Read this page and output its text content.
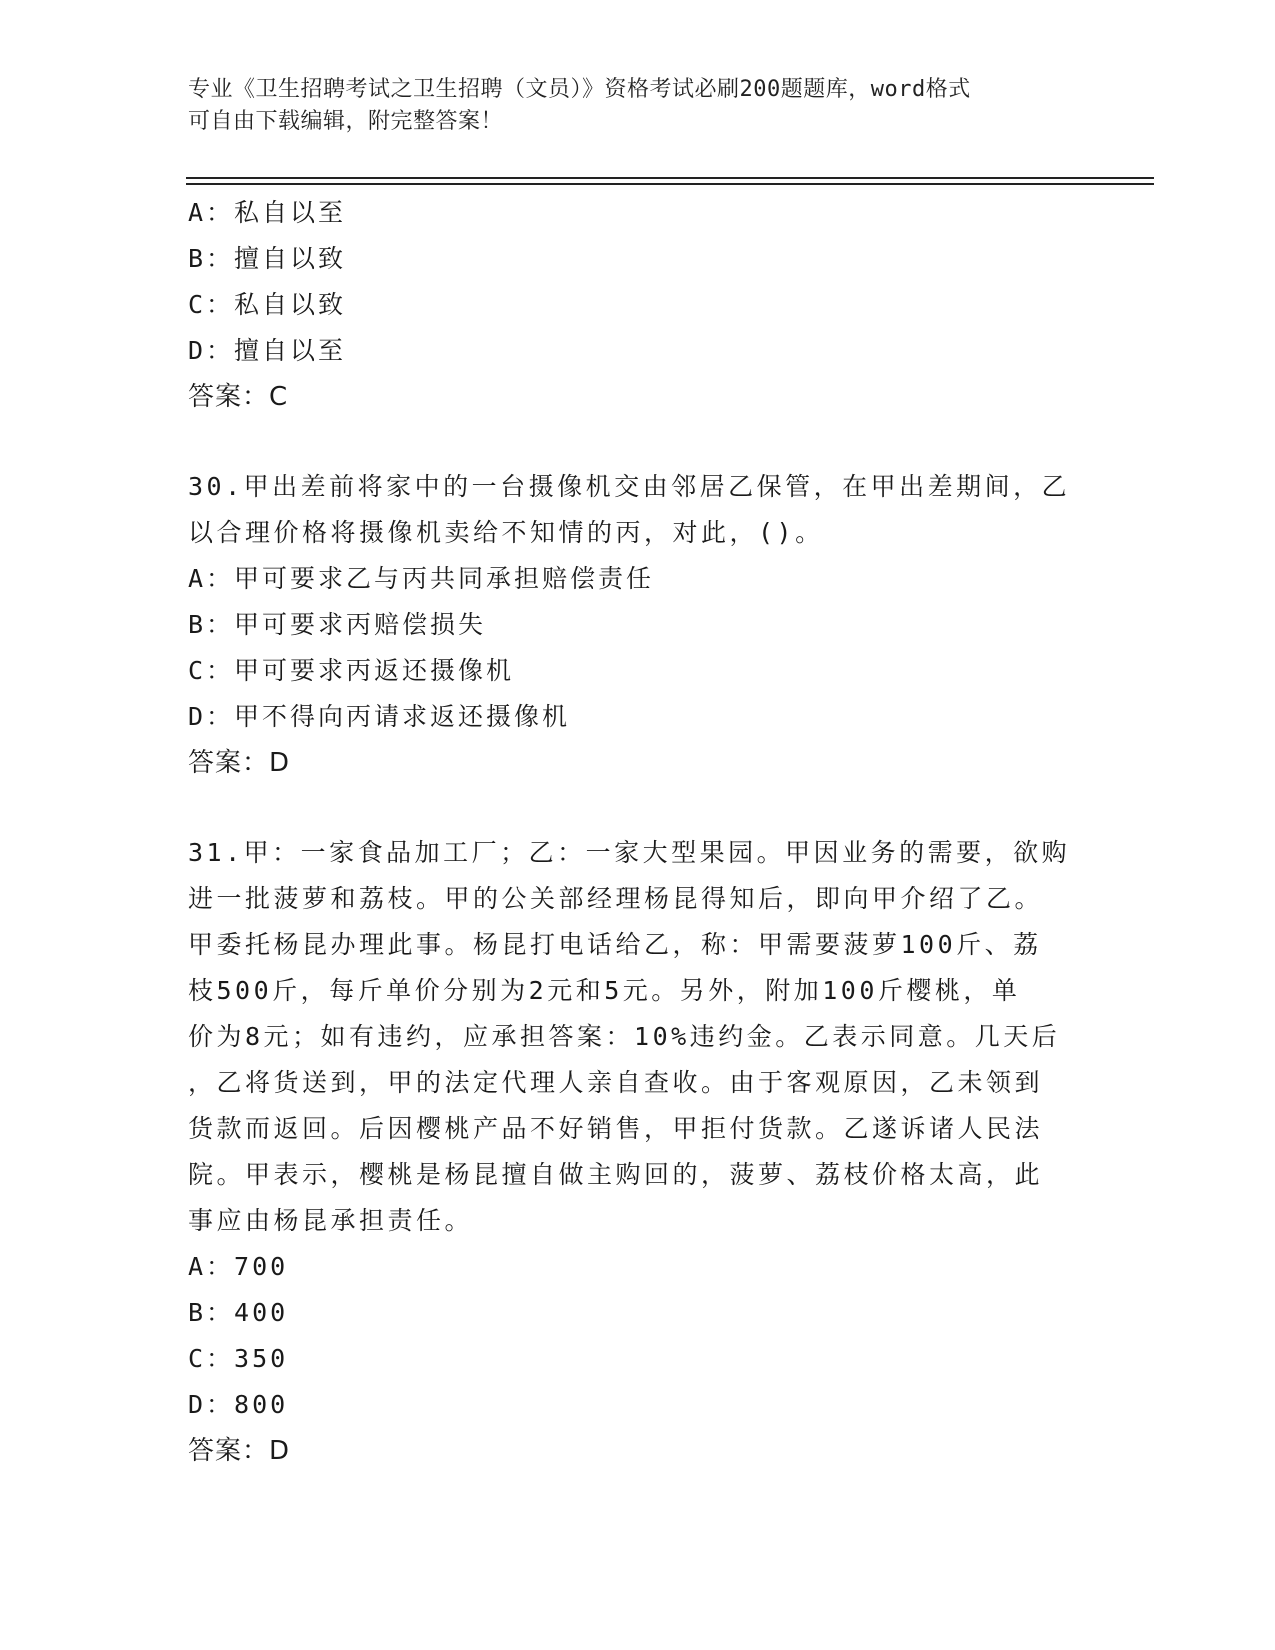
专业《卫生招聘考试之卫生招聘（文员）》资格考试必刷200题题库，word格式
可自由下载编辑，附完整答案！
A：私自以至
B：擅自以致
C：私自以致
D：擅自以至
答案：C
30.甲出差前将家中的一台摄像机交由邻居乙保管，在甲出差期间，乙
以合理价格将摄像机卖给不知情的丙，对此，()。
A：甲可要求乙与丙共同承担赔偿责任
B：甲可要求丙赔偿损失
C：甲可要求丙返还摄像机
D：甲不得向丙请求返还摄像机
答案：D
31.甲：一家食品加工厂；乙：一家大型果园。甲因业务的需要，欲购
进一批菠萝和荔枝。甲的公关部经理杨昆得知后，即向甲介绍了乙。
甲委托杨昆办理此事。杨昆打电话给乙，称：甲需要菠萝100斤、荔
枝500斤，每斤单价分别为2元和5元。另外，附加100斤樱桃，单
价为8元；如有违约，应承担答案：10%违约金。乙表示同意。几天后
，乙将货送到，甲的法定代理人亲自查收。由于客观原因，乙未领到
货款而返回。后因樱桃产品不好销售，甲拒付货款。乙遂诉诸人民法
院。甲表示，樱桃是杨昆擅自做主购回的，菠萝、荔枝价格太高，此
事应由杨昆承担责任。
A：700
B：400
C：350
D：800
答案：D
